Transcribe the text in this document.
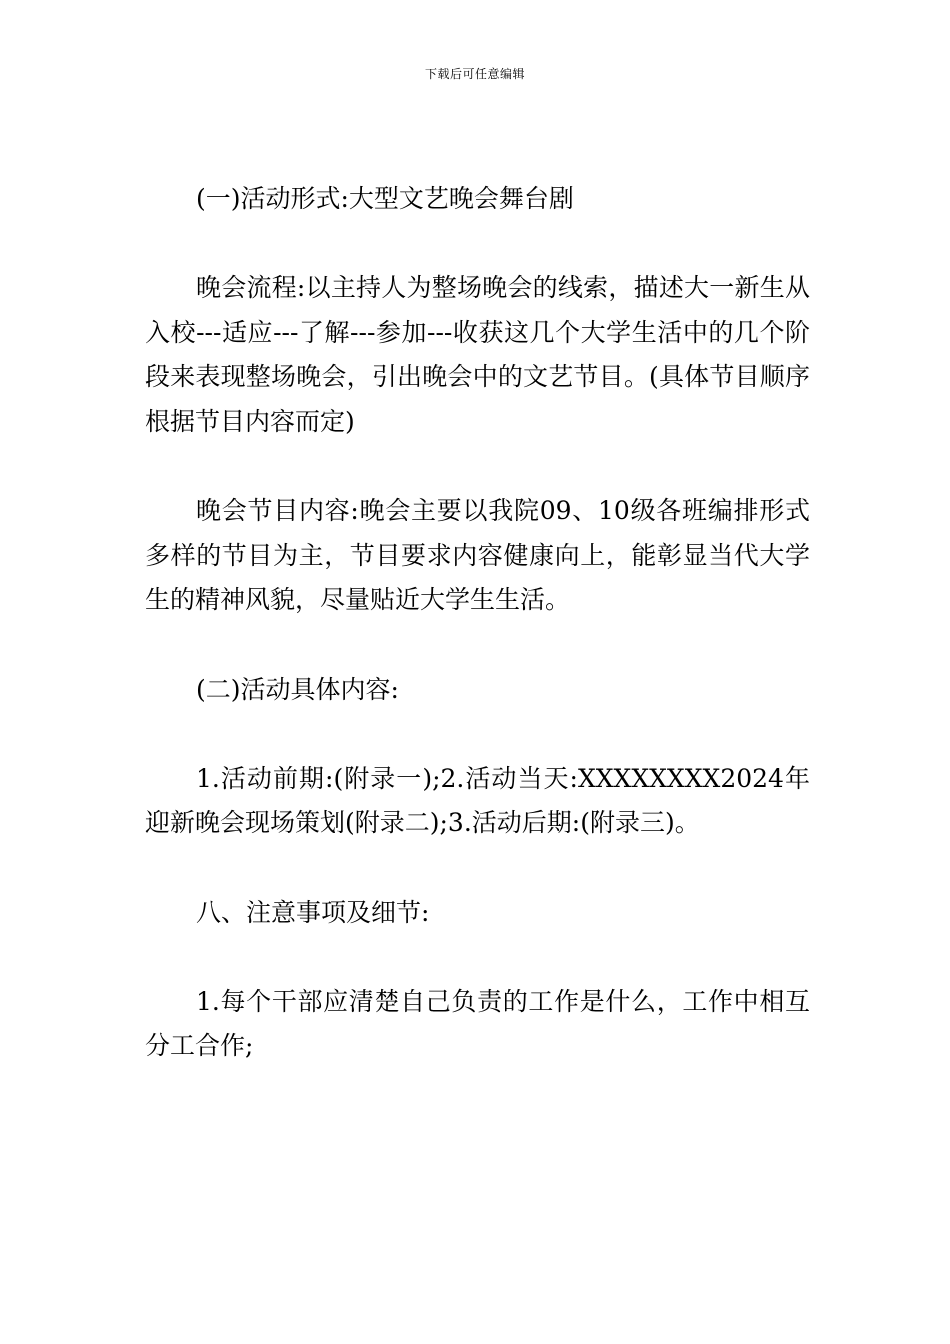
下载后可任意编辑

(一)活动形式:大型文艺晚会舞台剧

晚会流程:以主持人为整场晚会的线索，描述大一新生从入校---适应---了解---参加---收获这几个大学生活中的几个阶段来表现整场晚会，引出晚会中的文艺节目。(具体节目顺序根据节目内容而定)

晚会节目内容:晚会主要以我院09、10级各班编排形式多样的节目为主，节目要求内容健康向上，能彰显当代大学生的精神风貌，尽量贴近大学生生活。

(二)活动具体内容:

1.活动前期:(附录一);2.活动当天:XXXXXXXX2024年迎新晚会现场策划(附录二);3.活动后期:(附录三)。

八、注意事项及细节:

1.每个干部应清楚自己负责的工作是什么，工作中相互分工合作;
